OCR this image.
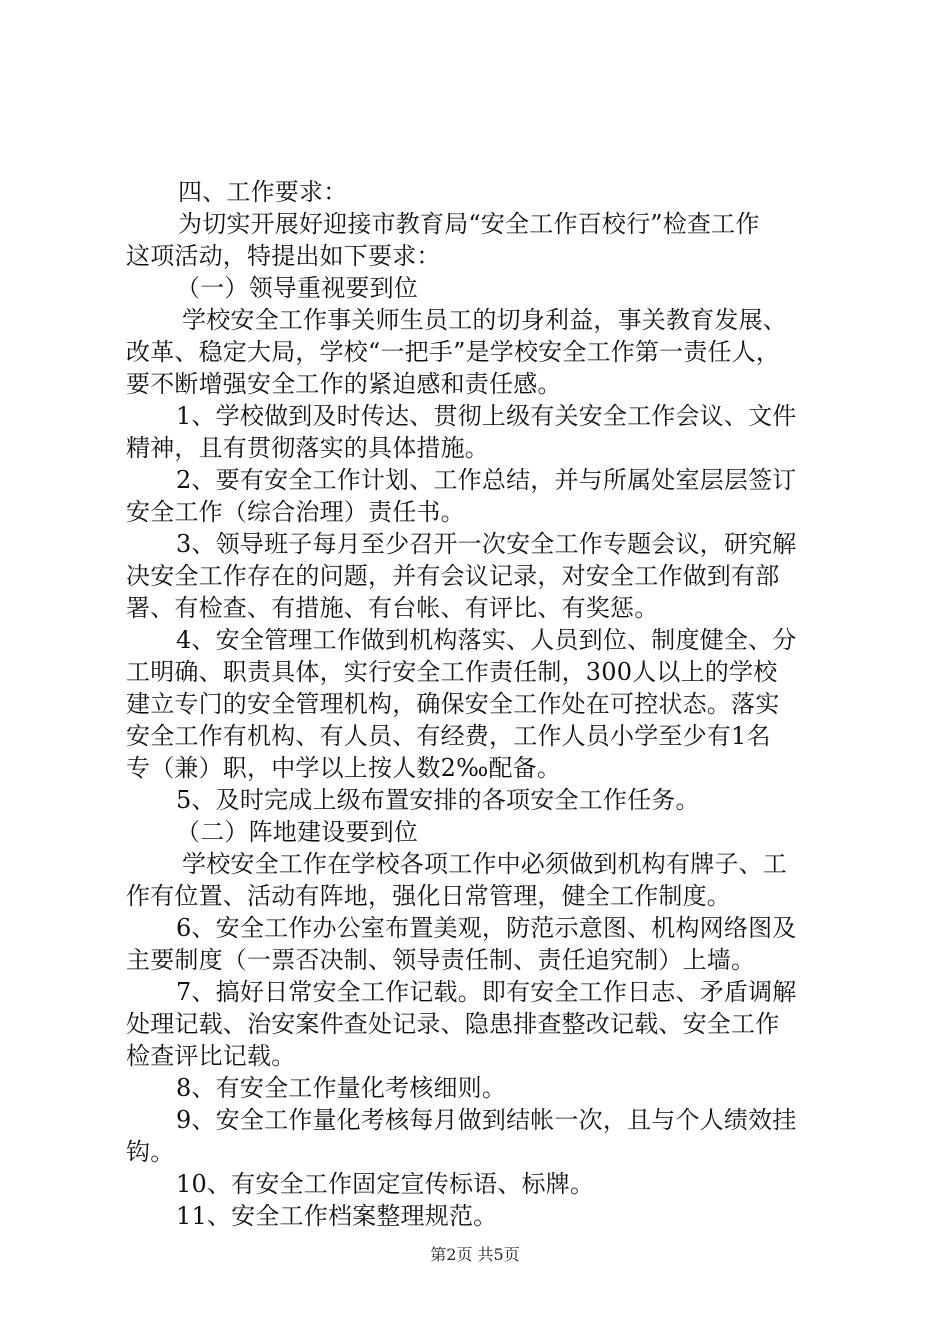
四、工作要求：
为切实开展好迎接市教育局“安全工作百校行”检查工作
这项活动，特提出如下要求：
（一）领导重视要到位
学校安全工作事关师生员工的切身利益，事关教育发展、
改革、稳定大局，学校“一把手”是学校安全工作第一责任人，
要不断增强安全工作的紧迫感和责任感。
1、学校做到及时传达、贯彻上级有关安全工作会议、文件
精神，且有贯彻落实的具体措施。
2、要有安全工作计划、工作总结，并与所属处室层层签订
安全工作（综合治理）责任书。
3、领导班子每月至少召开一次安全工作专题会议，研究解
决安全工作存在的问题，并有会议记录，对安全工作做到有部
署、有检查、有措施、有台帐、有评比、有奖惩。
4、安全管理工作做到机构落实、人员到位、制度健全、分
工明确、职责具体，实行安全工作责任制，300人以上的学校
建立专门的安全管理机构，确保安全工作处在可控状态。落实
安全工作有机构、有人员、有经费，工作人员小学至少有1名
专（兼）职，中学以上按人数2‰配备。
5、及时完成上级布置安排的各项安全工作任务。
（二）阵地建设要到位
学校安全工作在学校各项工作中必须做到机构有牌子、工
作有位置、活动有阵地，强化日常管理，健全工作制度。
6、安全工作办公室布置美观，防范示意图、机构网络图及
主要制度（一票否决制、领导责任制、责任追究制）上墙。
7、搞好日常安全工作记载。即有安全工作日志、矛盾调解
处理记载、治安案件查处记录、隐患排查整改记载、安全工作
检查评比记载。
8、有安全工作量化考核细则。
9、安全工作量化考核每月做到结帐一次，且与个人绩效挂
钩。
10、有安全工作固定宣传标语、标牌。
11、安全工作档案整理规范。
第2页 共5页
